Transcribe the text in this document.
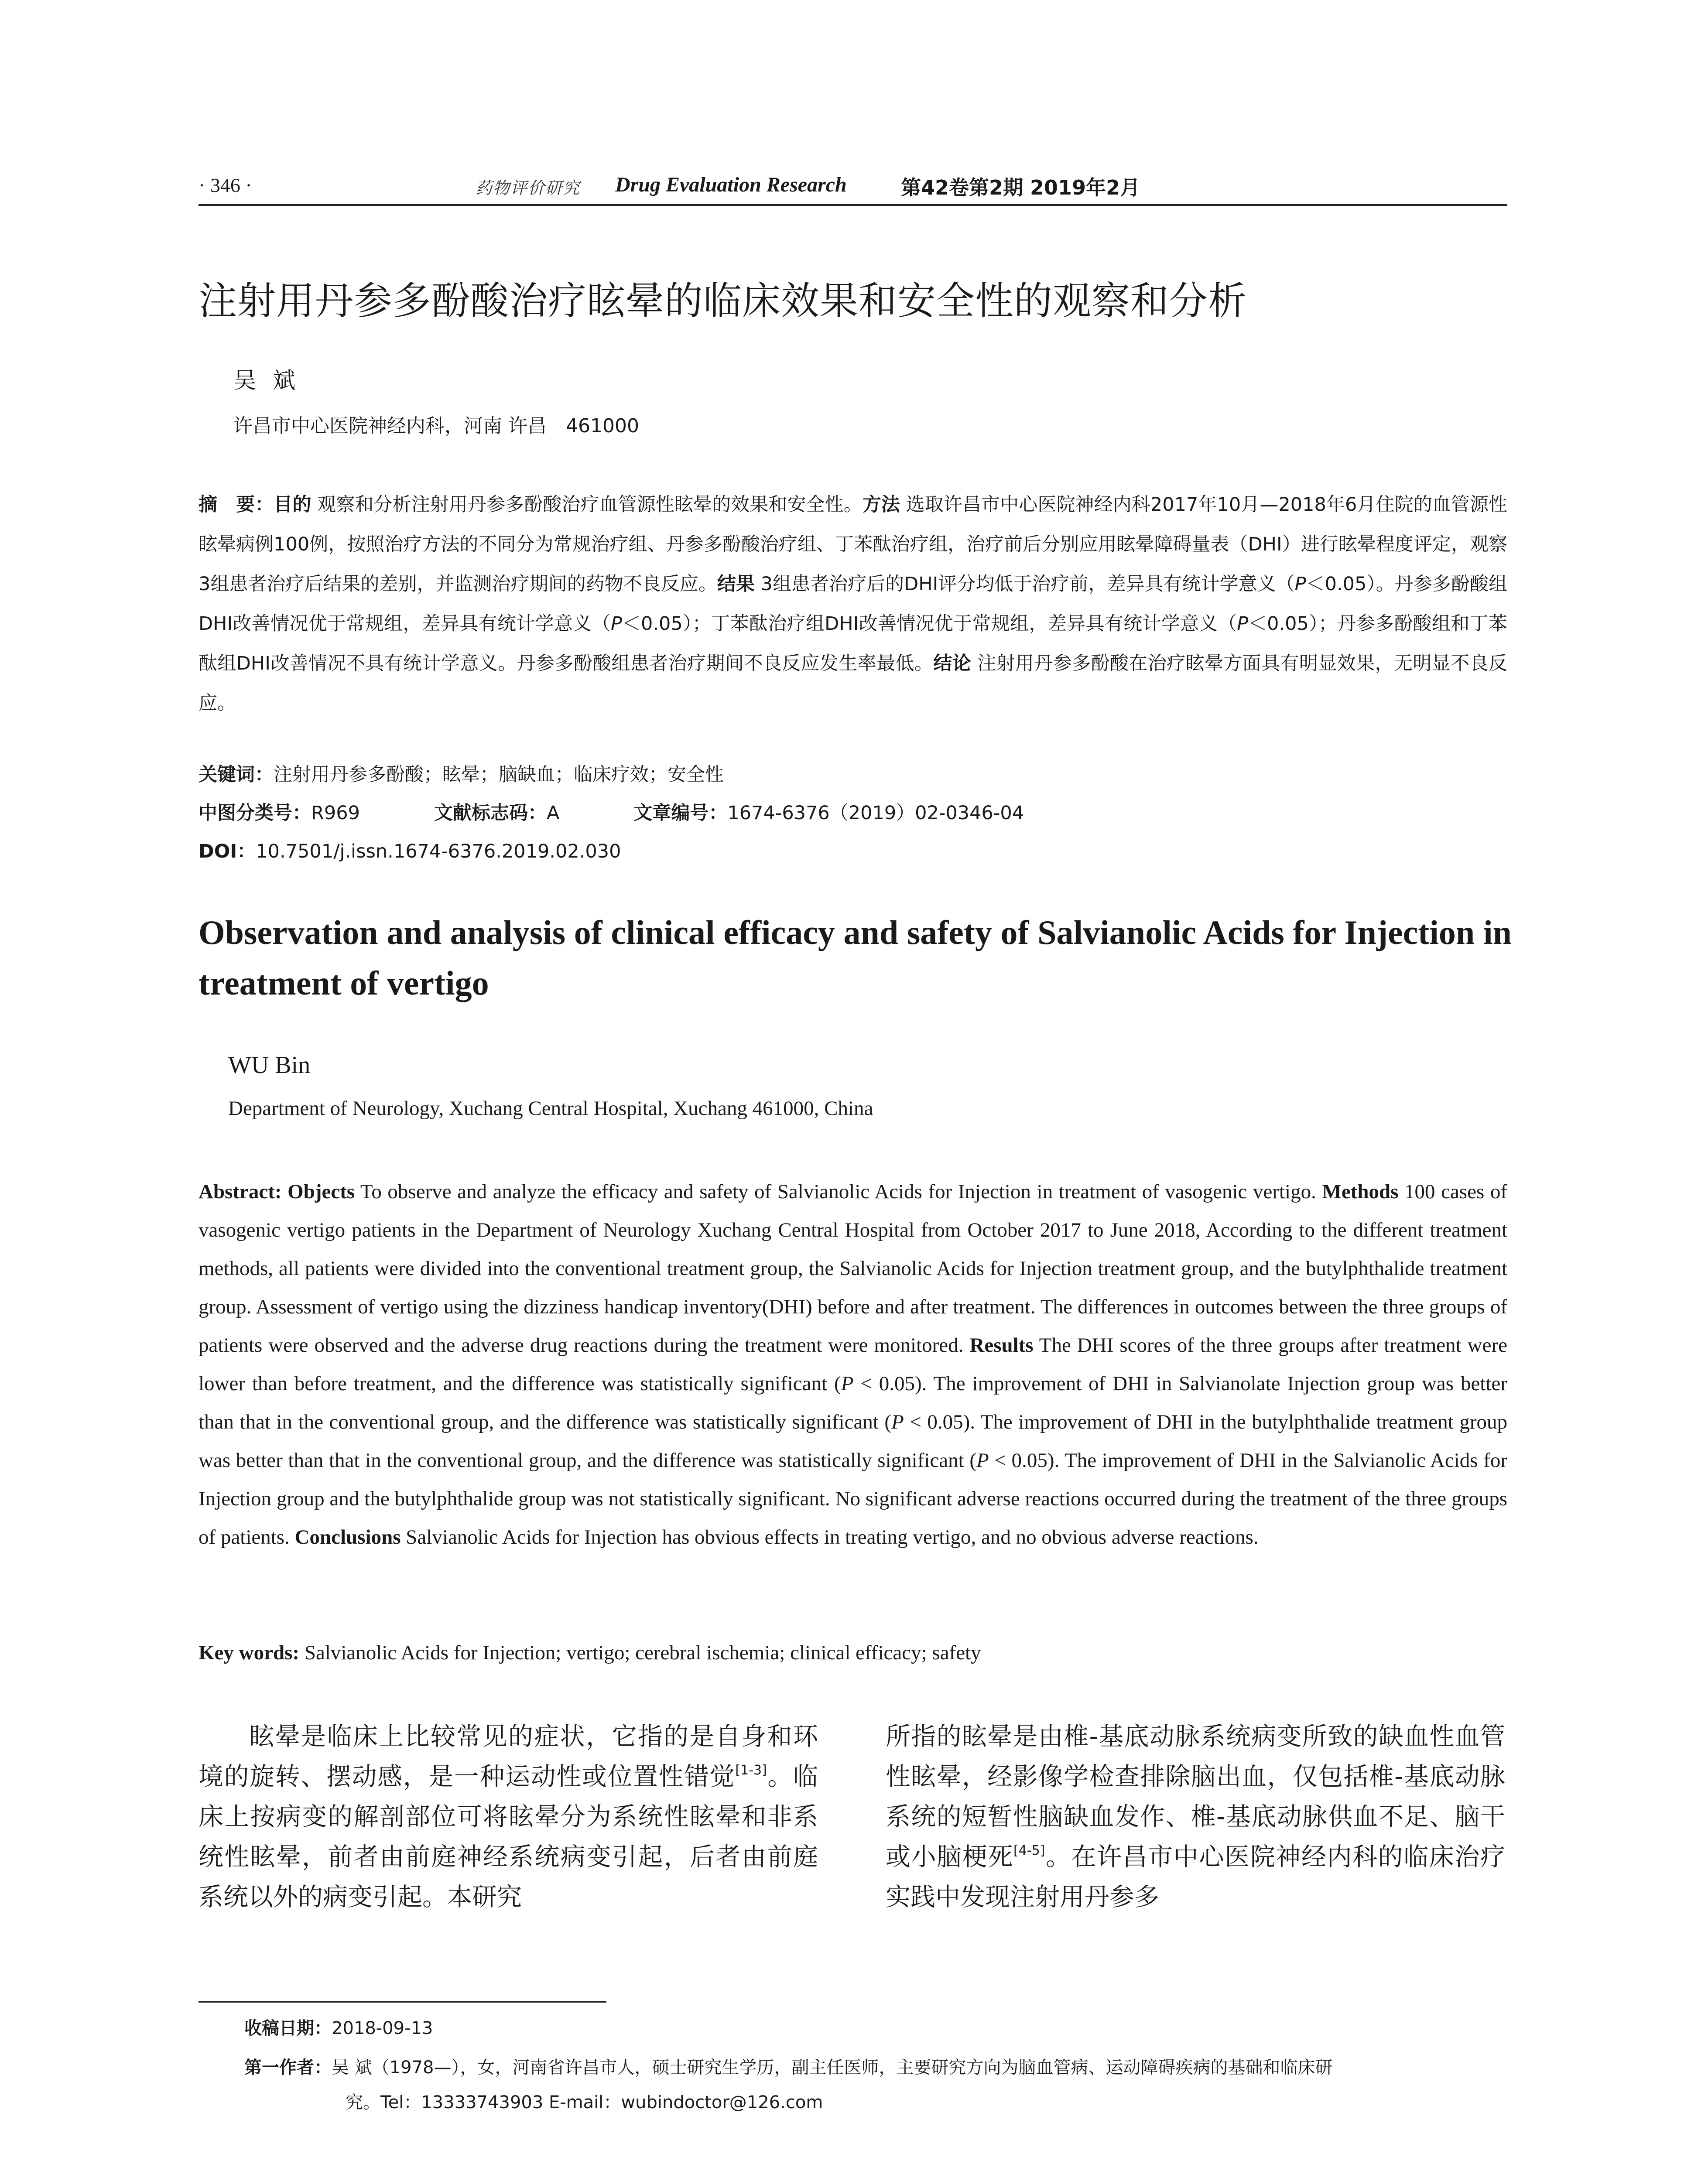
· 346 ·	药物评价研究 Drug Evaluation Research	第42卷第2期 2019年2月
注射用丹参多酚酸治疗眩晕的临床效果和安全性的观察和分析
吴斌
许昌市中心医院神经内科，河南 许昌　461000
摘　要：目的 观察和分析注射用丹参多酚酸治疗血管源性眩晕的效果和安全性。方法 选取许昌市中心医院神经内科2017年10月—2018年6月住院的血管源性眩晕病例100例，按照治疗方法的不同分为常规治疗组、丹参多酚酸治疗组、丁苯酞治疗组，治疗前后分别应用眩晕障碍量表（DHI）进行眩晕程度评定，观察3组患者治疗后结果的差别，并监测治疗期间的药物不良反应。结果 3组患者治疗后的DHI评分均低于治疗前，差异具有统计学意义（P＜0.05）。丹参多酚酸组DHI改善情况优于常规组，差异具有统计学意义（P＜0.05）；丁苯酞治疗组DHI改善情况优于常规组，差异具有统计学意义（P＜0.05）；丹参多酚酸组和丁苯酞组DHI改善情况不具有统计学意义。丹参多酚酸组患者治疗期间不良反应发生率最低。结论 注射用丹参多酚酸在治疗眩晕方面具有明显效果，无明显不良反应。
关键词：注射用丹参多酚酸；眩晕；脑缺血；临床疗效；安全性
中图分类号：R969	文献标志码：A	文章编号：1674-6376（2019）02-0346-04
DOI：10.7501/j.issn.1674-6376.2019.02.030
Observation and analysis of clinical efficacy and safety of Salvianolic Acids for Injection in treatment of vertigo
WU Bin
Department of Neurology, Xuchang Central Hospital, Xuchang 461000, China
Abstract: Objects To observe and analyze the efficacy and safety of Salvianolic Acids for Injection in treatment of vasogenic vertigo. Methods 100 cases of vasogenic vertigo patients in the Department of Neurology Xuchang Central Hospital from October 2017 to June 2018, According to the different treatment methods, all patients were divided into the conventional treatment group, the Salvianolic Acids for Injection treatment group, and the butylphthalide treatment group. Assessment of vertigo using the dizziness handicap inventory(DHI) before and after treatment. The differences in outcomes between the three groups of patients were observed and the adverse drug reactions during the treatment were monitored. Results The DHI scores of the three groups after treatment were lower than before treatment, and the difference was statistically significant (P < 0.05). The improvement of DHI in Salvianolate Injection group was better than that in the conventional group, and the difference was statistically significant (P < 0.05). The improvement of DHI in the butylphthalide treatment group was better than that in the conventional group, and the difference was statistically significant (P < 0.05). The improvement of DHI in the Salvianolic Acids for Injection group and the butylphthalide group was not statistically significant. No significant adverse reactions occurred during the treatment of the three groups of patients. Conclusions Salvianolic Acids for Injection has obvious effects in treating vertigo, and no obvious adverse reactions.
Key words: Salvianolic Acids for Injection; vertigo; cerebral ischemia; clinical efficacy; safety
眩晕是临床上比较常见的症状，它指的是自身和环境的旋转、摆动感，是一种运动性或位置性错觉[1-3]。临床上按病变的解剖部位可将眩晕分为系统性眩晕和非系统性眩晕，前者由前庭神经系统病变引起，后者由前庭系统以外的病变引起。本研究
所指的眩晕是由椎-基底动脉系统病变所致的缺血性血管性眩晕，经影像学检查排除脑出血，仅包括椎-基底动脉系统的短暂性脑缺血发作、椎-基底动脉供血不足、脑干或小脑梗死[4-5]。在许昌市中心医院神经内科的临床治疗实践中发现注射用丹参多
收稿日期：2018-09-13
第一作者：吴 斌（1978—），女，河南省许昌市人，硕士研究生学历，副主任医师，主要研究方向为脑血管病、运动障碍疾病的基础和临床研
究。Tel：13333743903 E-mail：wubindoctor@126.com
